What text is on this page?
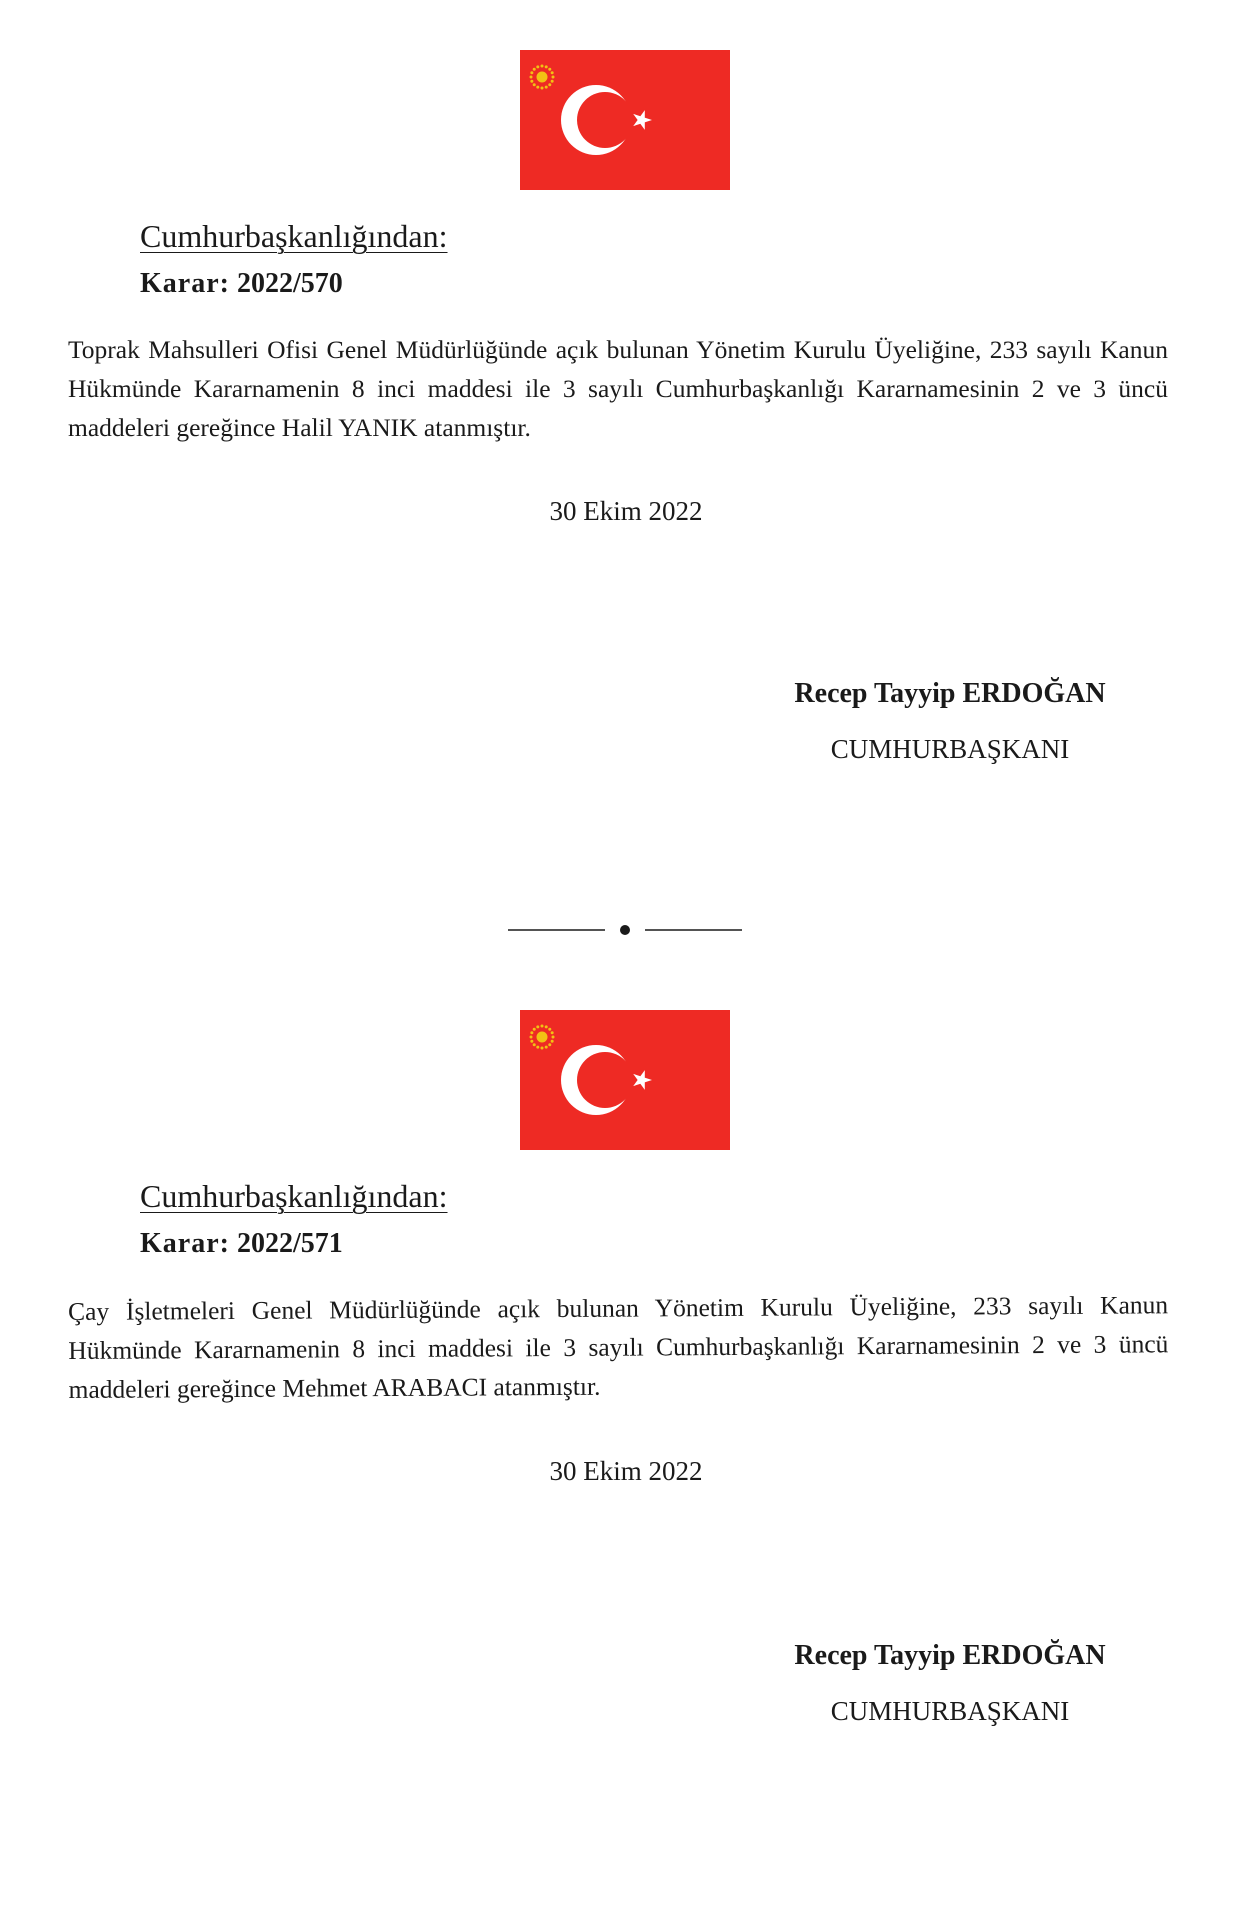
Cumhurbaşkanlığından:
Karar: 2022/570

Toprak Mahsulleri Ofisi Genel Müdürlüğünde açık bulunan Yönetim Kurulu Üyeliğine, 233 sayılı Kanun Hükmünde Kararnamenin 8 inci maddesi ile 3 sayılı Cumhurbaşkanlığı Kararnamesinin 2 ve 3 üncü maddeleri gereğince Halil YANIK atanmıştır.

30 Ekim 2022
Recep Tayyip ERDOĞAN
CUMHURBAŞKANI
Cumhurbaşkanlığından:
Karar: 2022/571

Çay İşletmeleri Genel Müdürlüğünde açık bulunan Yönetim Kurulu Üyeliğine, 233 sayılı Kanun Hükmünde Kararnamenin 8 inci maddesi ile 3 sayılı Cumhurbaşkanlığı Kararnamesinin 2 ve 3 üncü maddeleri gereğince Mehmet ARABACI atanmıştır.

30 Ekim 2022
Recep Tayyip ERDOĞAN
CUMHURBAŞKANI
